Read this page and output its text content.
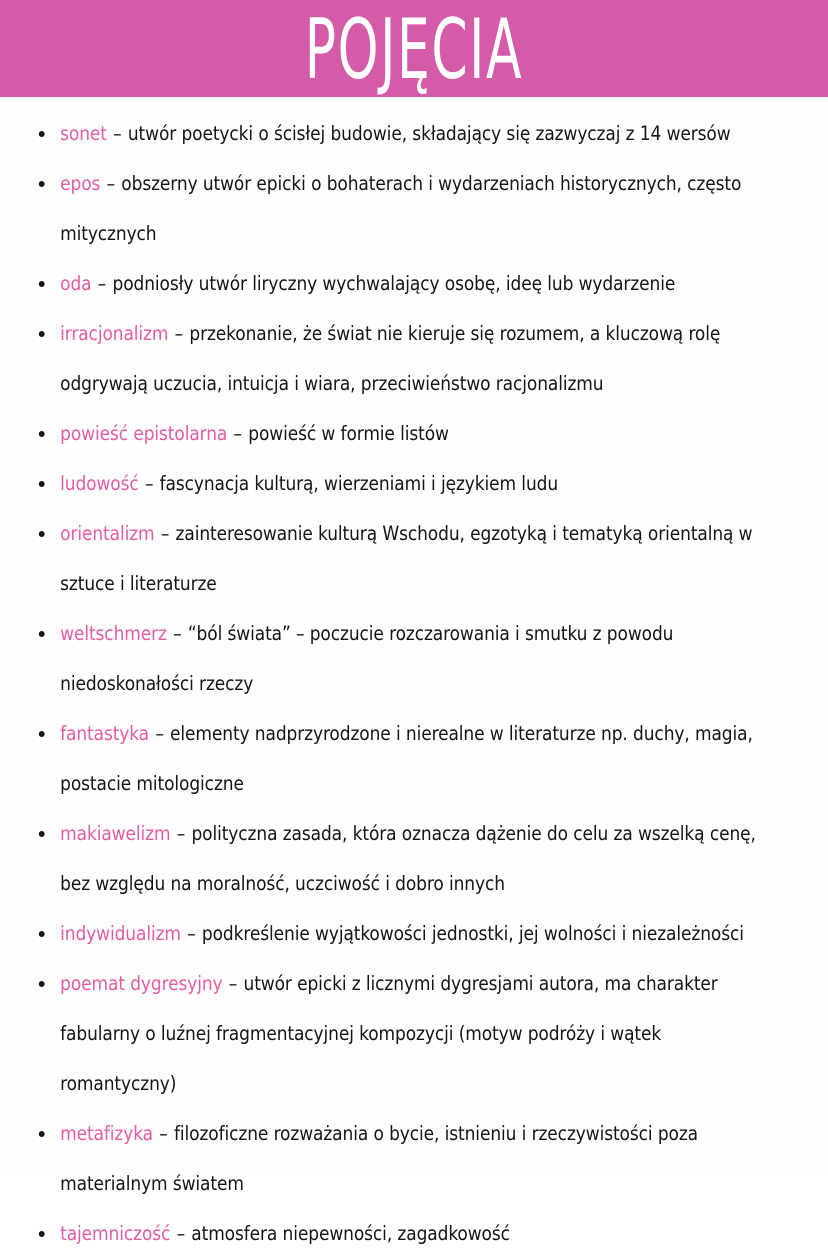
POJĘCIA
sonet – utwór poetycki o ścisłej budowie, składający się zazwyczaj z 14 wersów
epos – obszerny utwór epicki o bohaterach i wydarzeniach historycznych, często mitycznych
oda – podniosły utwór liryczny wychwalający osobę, ideę lub wydarzenie
irracjonalizm – przekonanie, że świat nie kieruje się rozumem, a kluczową rolę odgrywają uczucia, intuicja i wiara, przeciwieństwo racjonalizmu
powieść epistolarna – powieść w formie listów
ludowość – fascynacja kulturą, wierzeniami i językiem ludu
orientalizm – zainteresowanie kulturą Wschodu, egzotyką i tematyką orientalną w sztuce i literaturze
weltschmerz – “ból świata” – poczucie rozczarowania i smutku z powodu niedoskonałości rzeczy
fantastyka – elementy nadprzyrodzone i nierealne w literaturze np. duchy, magia, postacie mitologiczne
makiawelizm – polityczna zasada, która oznacza dążenie do celu za wszelką cenę, bez względu na moralność, uczciwość i dobro innych
indywidualizm – podkreślenie wyjątkowości jednostki, jej wolności i niezależności
poemat dygresyjny – utwór epicki z licznymi dygresjami autora, ma charakter fabularny o luźnej fragmentacyjnej kompozycji (motyw podróży i wątek romantyczny)
metafizyka – filozoficzne rozważania o bycie, istnieniu i rzeczywistości poza materialnym światem
tajemniczość – atmosfera niepewności, zagadkowość
